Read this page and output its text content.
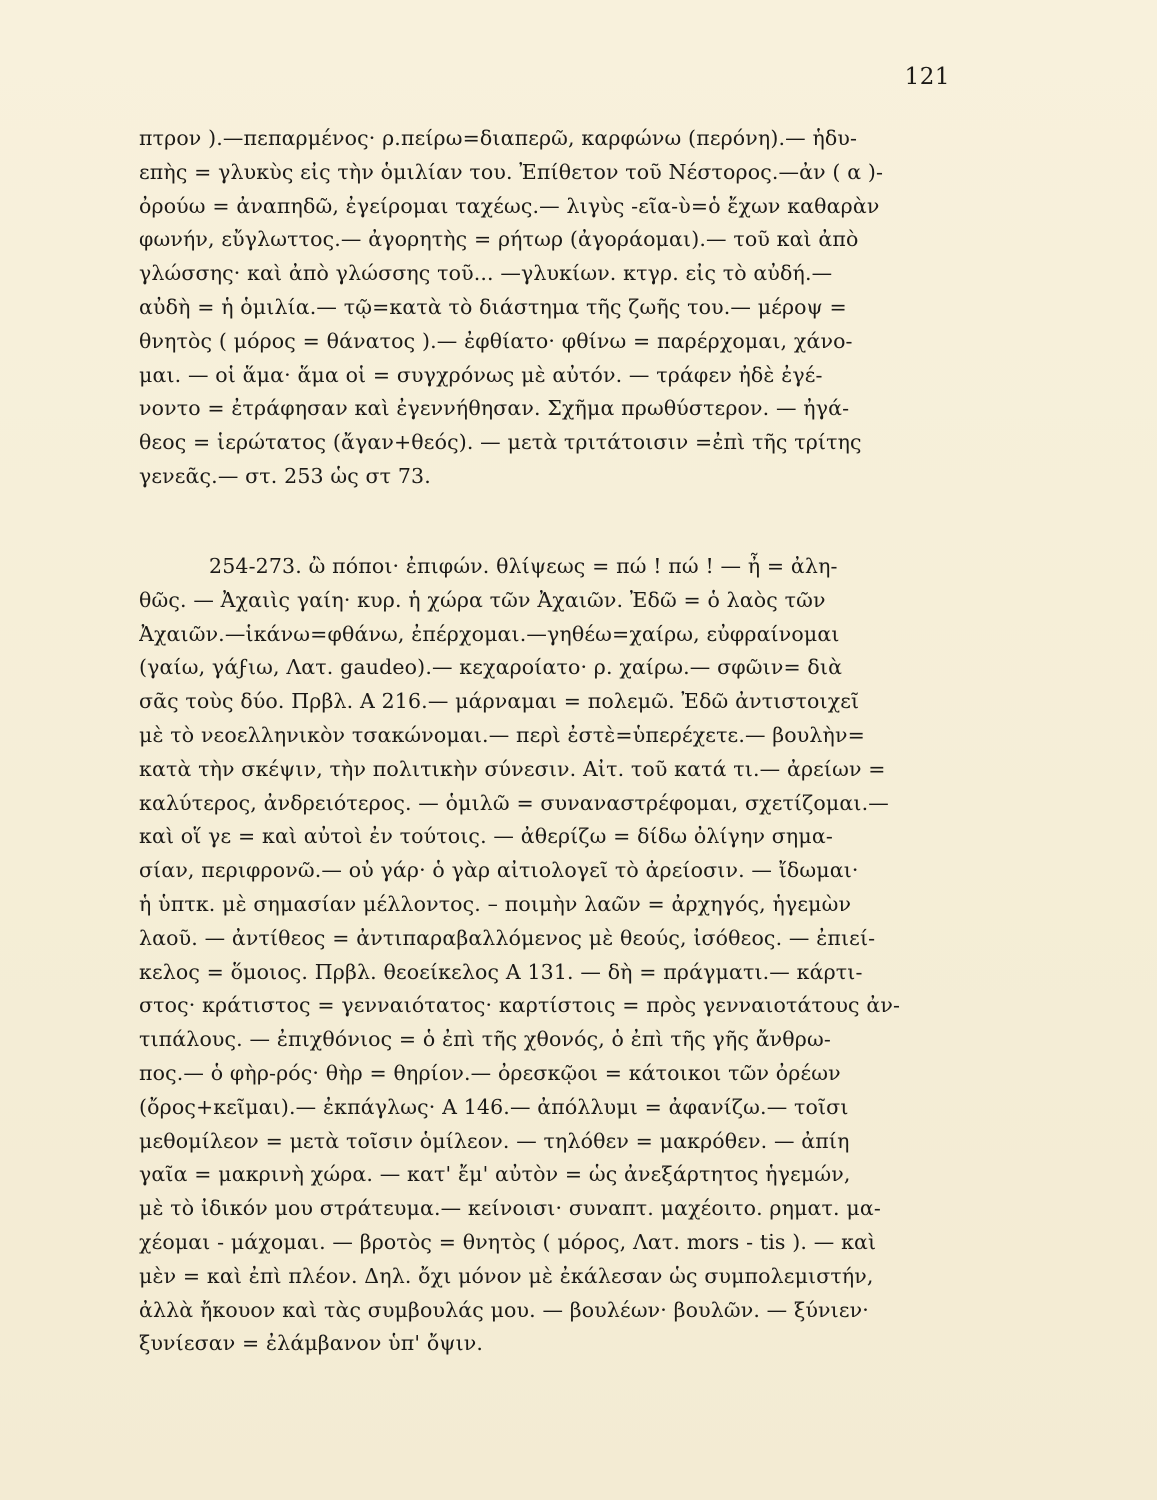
121
πτρον ).—πεπαρμένος· ρ.πείρω=διαπερῶ, καρφώνω (περόνη).— ἡδυ-
επὴς = γλυκὺς εἰς τὴν ὁμιλίαν του. Ἐπίθετον τοῦ Νέστορος.—ἀν ( α )-
ὀρούω = ἀναπηδῶ, ἐγείρομαι ταχέως.— λιγὺς -εῖα-ὺ=ὁ ἔχων καθαρὰν
φωνήν, εὔγλωττος.— ἀγορητὴς = ρήτωρ (ἀγοράομαι).— τοῦ καὶ ἀπὸ
γλώσσης· καὶ ἀπὸ γλώσσης τοῦ... —γλυκίων. κτγρ. εἰς τὸ αὐδή.—
αὐδὴ = ἡ ὁμιλία.— τῷ=κατὰ τὸ διάστημα τῆς ζωῆς του.— μέροψ =
θνητὸς ( μόρος = θάνατος ).— ἐφθίατο· φθίνω = παρέρχομαι, χάνο-
μαι. — οἱ ἅμα· ἅμα οἱ = συγχρόνως μὲ αὐτόν. — τράφεν ἠδὲ ἐγέ-
νοντο = ἐτράφησαν καὶ ἐγεννήθησαν. Σχῆμα πρωθύστερον. — ἠγά-
θεος = ἱερώτατος (ἄγαν+θεός). — μετὰ τριτάτοισιν =ἐπὶ τῆς τρίτης
γενεᾶς.— στ. 253 ὡς στ 73.
254-273. ὢ πόποι· ἐπιφών. θλίψεως = πώ ! πώ ! — ἦ = ἀλη-
θῶς. — Ἀχαιὶς γαίη· κυρ. ἡ χώρα τῶν Ἀχαιῶν. Ἐδῶ = ὁ λαὸς τῶν
Ἀχαιῶν.—ἱκάνω=φθάνω, ἐπέρχομαι.—γηθέω=χαίρω, εὐφραίνομαι
(γαίω, γάϝιω, Λατ. gaudeo).— κεχαροίατο· ρ. χαίρω.— σφῶιν= διὰ
σᾶς τοὺς δύο. Πρβλ. Α 216.— μάρναμαι = πολεμῶ. Ἐδῶ ἀντιστοιχεῖ
μὲ τὸ νεοελληνικὸν τσακώνομαι.— περὶ ἐστὲ=ὑπερέχετε.— βουλὴν=
κατὰ τὴν σκέψιν, τὴν πολιτικὴν σύνεσιν. Αἰτ. τοῦ κατά τι.— ἀρείων =
καλύτερος, ἀνδρειότερος. — ὁμιλῶ = συναναστρέφομαι, σχετίζομαι.—
καὶ οἵ γε = καὶ αὐτοὶ ἐν τούτοις. — ἀθερίζω = δίδω ὀλίγην σημα-
σίαν, περιφρονῶ.— οὐ γάρ· ὁ γὰρ αἰτιολογεῖ τὸ ἀρείοσιν. — ἴδωμαι·
ἡ ὑπτκ. μὲ σημασίαν μέλλοντος. – ποιμὴν λαῶν = ἀρχηγός, ἡγεμὼν
λαοῦ. — ἀντίθεος = ἀντιπαραβαλλόμενος μὲ θεούς, ἰσόθεος. — ἐπιεί-
κελος = ὅμοιος. Πρβλ. θεοείκελος Α 131. — δὴ = πράγματι.— κάρτι-
στος· κράτιστος = γενναιότατος· καρτίστοις = πρὸς γενναιοτάτους ἀν-
τιπάλους. — ἐπιχθόνιος = ὁ ἐπὶ τῆς χθονός, ὁ ἐπὶ τῆς γῆς ἄνθρω-
πος.— ὁ φὴρ-ρός· θὴρ = θηρίον.— ὀρεσκῷοι = κάτοικοι τῶν ὀρέων
(ὄρος+κεῖμαι).— ἐκπάγλως· Α 146.— ἀπόλλυμι = ἀφανίζω.— τοῖσι
μεθομίλεον = μετὰ τοῖσιν ὁμίλεον. — τηλόθεν = μακρόθεν. — ἀπίη
γαῖα = μακρινὴ χώρα. — κατ' ἔμ' αὐτὸν = ὡς ἀνεξάρτητος ἡγεμών,
μὲ τὸ ἰδικόν μου στράτευμα.— κείνοισι· συναπτ. μαχέοιτο. ρηματ. μα-
χέομαι - μάχομαι. — βροτὸς = θνητὸς ( μόρος, Λατ. mors - tis ). — καὶ
μὲν = καὶ ἐπὶ πλέον. Δηλ. ὄχι μόνον μὲ ἐκάλεσαν ὡς συμπολεμιστήν,
ἀλλὰ ἤκουον καὶ τὰς συμβουλάς μου. — βουλέων· βουλῶν. — ξύνιεν·
ξυνίεσαν = ἐλάμβανον ὑπ' ὄψιν.
